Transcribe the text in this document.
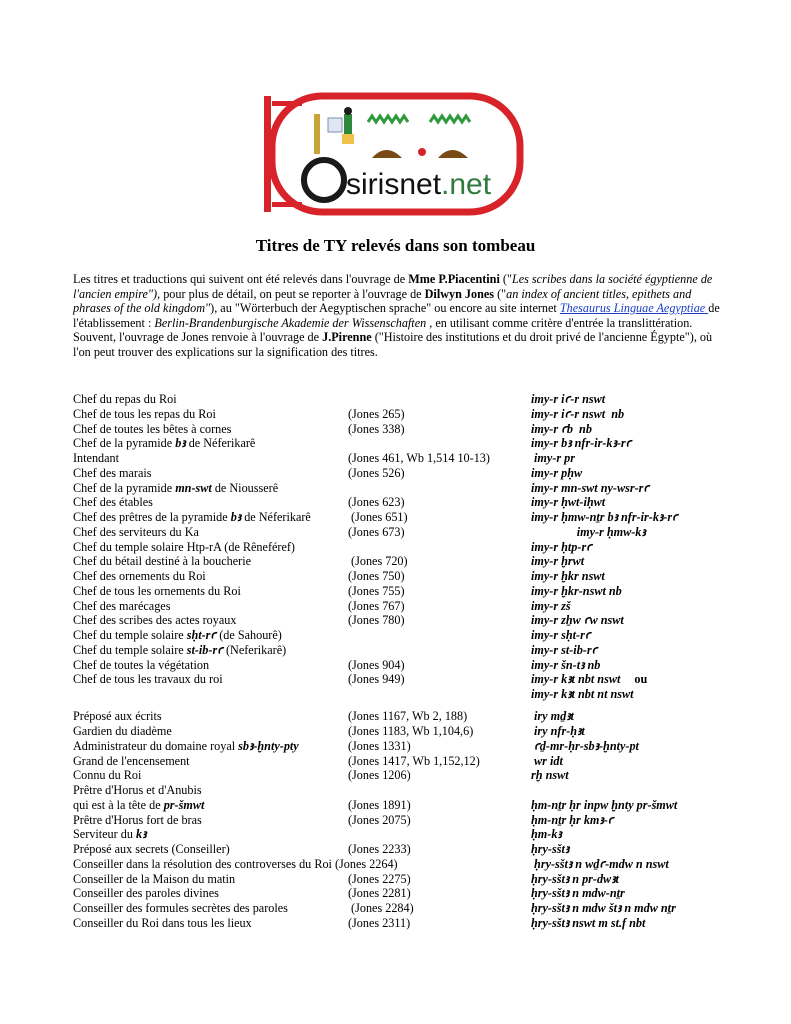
sirisnet.net
Titres de TY relevés dans son tombeau
Les titres et traductions qui suivent ont été relevés dans l'ouvrage de Mme P.Piacentini ("Les scribes dans la société égyptienne de l'ancien empire"), pour plus de détail, on peut se reporter à l'ouvrage de Dilwyn Jones ("an index of ancient titles, epithets and phrases of the old kingdom"), au "Wörterbuch der Aegyptischen sprache" ou encore au site internet Thesaurus Linguae Aegyptiae de l'établissement : Berlin-Brandenburgische Akademie der Wissenschaften , en utilisant comme critère d'entrée la translittération.
Souvent, l'ouvrage de Jones renvoie à l'ouvrage de J.Pirenne ("Histoire des institutions et du droit privé de l'ancienne Égypte"), où l'on peut trouver des explications sur la signification des titres.
Chef du repas du Roi	imy-r iꜥ-r nswt
Chef de tous les repas du Roi	(Jones 265)	imy-r iꜥ-r nswt  nb
Chef de toutes les bêtes à cornes	(Jones 338)	imy-r ꜥb  nb
Chef de la pyramide bꜣ de Néferikarê	imy-r bꜣ nfr-ir-kꜣ-rꜥ
Intendant	(Jones 461, Wb 1,514 10-13)	imy-r pr
Chef des marais	(Jones 526)	imy-r pḥw
Chef de la pyramide mn-swt de Niousserê	imy-r mn-swt ny-wsr-rꜥ
Chef des étables	(Jones 623)	imy-r ḥwt-iḥwt
Chef des prêtres de la pyramide bꜣ de Néferikarê	(Jones 651)	imy-r ḥmw-nṯr bꜣ nfr-ir-kꜣ-rꜥ
Chef des serviteurs du Ka	(Jones 673)	imy-r ḥmw-kꜣ
Chef du temple solaire Htp-rA (de Rêneféref)	imy-r ḥtp-rꜥ
Chef du bétail destiné à la boucherie	(Jones 720)	imy-r ḫrwt
Chef des ornements du Roi	(Jones 750)	imy-r ḫkr nswt
Chef de tous les ornements du Roi	(Jones 755)	imy-r ḫkr-nswt nb
Chef des marécages	(Jones 767)	imy-r zš
Chef des scribes des actes royaux	(Jones 780)	imy-r zẖw ꜥw nswt
Chef du temple solaire sḥt-rꜥ (de Sahourê)	imy-r sḥt-rꜥ
Chef du temple solaire st-ib-rꜥ (Neferikarê)	imy-r st-ib-rꜥ
Chef de toutes la végétation	(Jones 904)	imy-r šn-tꜣ nb
Chef de tous les travaux du roi	(Jones 949)	imy-r kꜣt nbt nswt ou
imy-r kꜣt nbt nt nswt
Préposé aux écrits	(Jones 1167, Wb 2, 188)	iry mḏꜣt
Gardien du diadème	(Jones 1183, Wb 1,104,6)	iry nfr-ḥꜣt
Administrateur du domaine royal sbꜣ-ḫnty-pty	(Jones 1331)	ꜥḏ-mr-ḥr-sbꜣ-ḫnty-pt
Grand de l'encensement	(Jones 1417, Wb 1,152,12)	wr idt
Connu du Roi	(Jones 1206)	rḫ nswt
Prêtre d'Horus et d'Anubis
qui est à la tête de pr-šmwt	(Jones 1891)	ḥm-nṯr ḥr inpw ḫnty pr-šmwt
Prêtre d'Horus fort de bras	(Jones 2075)	ḥm-nṯr ḥr kmꜣ-ꜥ
Serviteur du kꜣ	ḥm-kꜣ
Préposé aux secrets (Conseiller)	(Jones 2233)	ḥry-sštꜣ
Conseiller dans la résolution des controverses du Roi (Jones 2264)	ḥry-sštꜣ n wḏꜥ-mdw n nswt
Conseiller de la Maison du matin	(Jones 2275)	ḥry-sštꜣ n pr-dwꜣt
Conseiller des paroles divines	(Jones 2281)	ḥry-sštꜣ n mdw-nṯr
Conseiller des formules secrètes des paroles	(Jones 2284)	ḥry-sštꜣ n mdw štꜣ n mdw nṯr
Conseiller du Roi dans tous les lieux	(Jones 2311)	ḥry-sštꜣ nswt m st.f nbt
